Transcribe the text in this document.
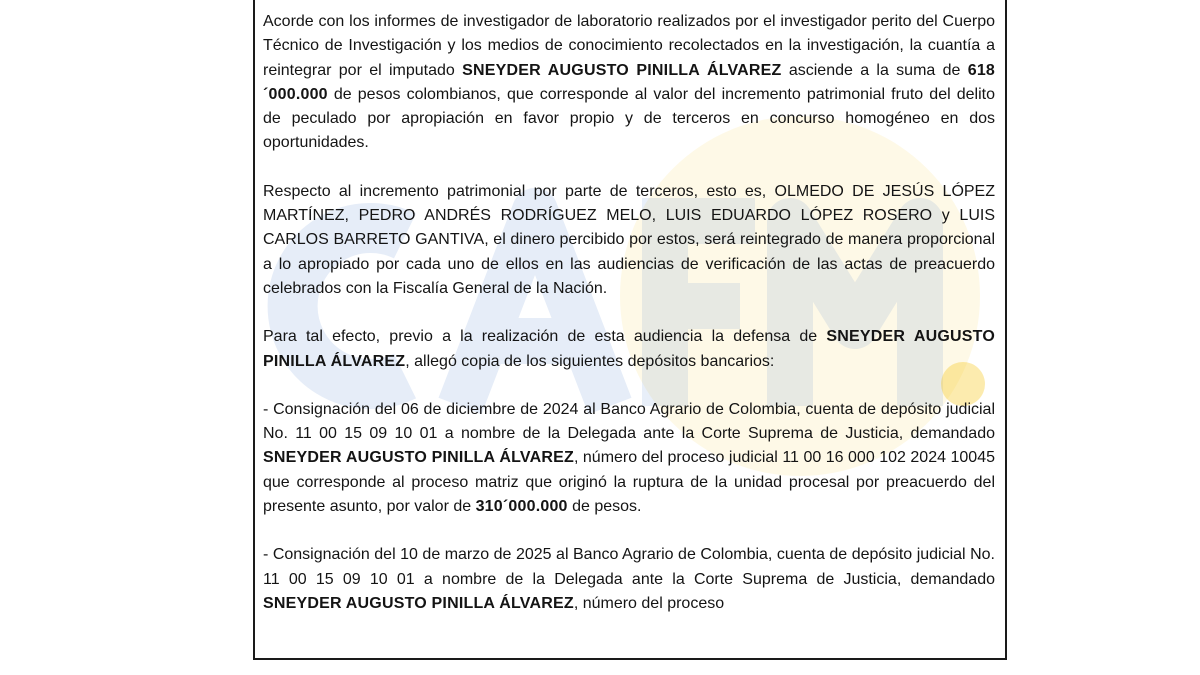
Acorde con los informes de investigador de laboratorio realizados por el investigador perito del Cuerpo Técnico de Investigación y los medios de conocimiento recolectados en la investigación, la cuantía a reintegrar por el imputado SNEYDER AUGUSTO PINILLA ÁLVAREZ asciende a la suma de 618´000.000 de pesos colombianos, que corresponde al valor del incremento patrimonial fruto del delito de peculado por apropiación en favor propio y de terceros en concurso homogéneo en dos oportunidades.

Respecto al incremento patrimonial por parte de terceros, esto es, OLMEDO DE JESÚS LÓPEZ MARTÍNEZ, PEDRO ANDRÉS RODRÍGUEZ MELO, LUIS EDUARDO LÓPEZ ROSERO y LUIS CARLOS BARRETO GANTIVA, el dinero percibido por estos, será reintegrado de manera proporcional a lo apropiado por cada uno de ellos en las audiencias de verificación de las actas de preacuerdo celebrados con la Fiscalía General de la Nación.

Para tal efecto, previo a la realización de esta audiencia la defensa de SNEYDER AUGUSTO PINILLA ÁLVAREZ, allegó copia de los siguientes depósitos bancarios:

- Consignación del 06 de diciembre de 2024 al Banco Agrario de Colombia, cuenta de depósito judicial No. 11 00 15 09 10 01 a nombre de la Delegada ante la Corte Suprema de Justicia, demandado SNEYDER AUGUSTO PINILLA ÁLVAREZ, número del proceso judicial 11 00 16 000 102 2024 10045 que corresponde al proceso matriz que originó la ruptura de la unidad procesal por preacuerdo del presente asunto, por valor de 310´000.000 de pesos.

- Consignación del 10 de marzo de 2025 al Banco Agrario de Colombia, cuenta de depósito judicial No. 11 00 15 09 10 01 a nombre de la Delegada ante la Corte Suprema de Justicia, demandado SNEYDER AUGUSTO PINILLA ÁLVAREZ, número del proceso
